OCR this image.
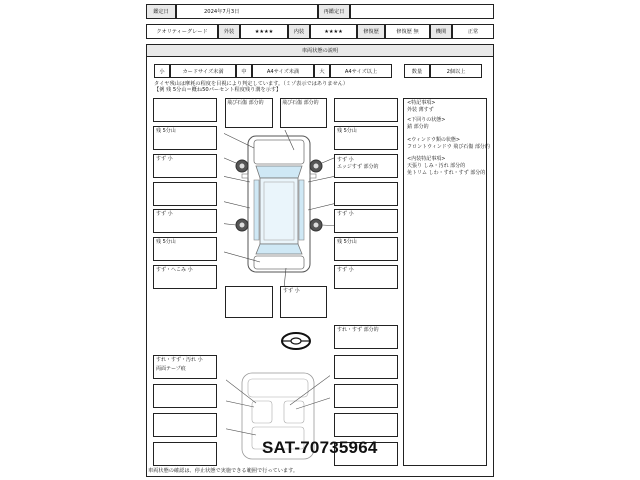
鑑定日	2024年7月3日	再鑑定日
クオリティーグレード	外装	★★★★	内装	★★★★	修復歴	修復歴 無	機関	正常
車両状態の説明
小	カードサイズ未満	中	A4サイズ未満	大	A4サイズ以上	数量	2個以上
タイヤ残山は摩耗の程度を目視により判定しています。（ミゾ表示ではありません）
【例 残 5分山＝概ね50パーセント程度残り溝を示す】
残 5分山
すず 小
すず 小
残 5分山
すず・へこみ 小
飛び石傷 部分的	飛び石傷 部分的
残 5分山
すず 小
エッジすず 部分的
すず 小
残 5分山
すず 小
すず 小
<特記事項>
外装 薄すず
<下回りの状態>
錆 部分的
<ウィンドウ類の状態>
フロントウィンドウ 飛び石傷 部分的
<内装特記事項>
天張り しみ・汚れ 部分的
免トリム しわ・すれ・すず 部分的
すれ・すず 部分的
すれ・すず・汚れ 小
両面テープ痕
SAT-70735964
車両状態の確認は、停止状態で実施できる範囲で行っています。
